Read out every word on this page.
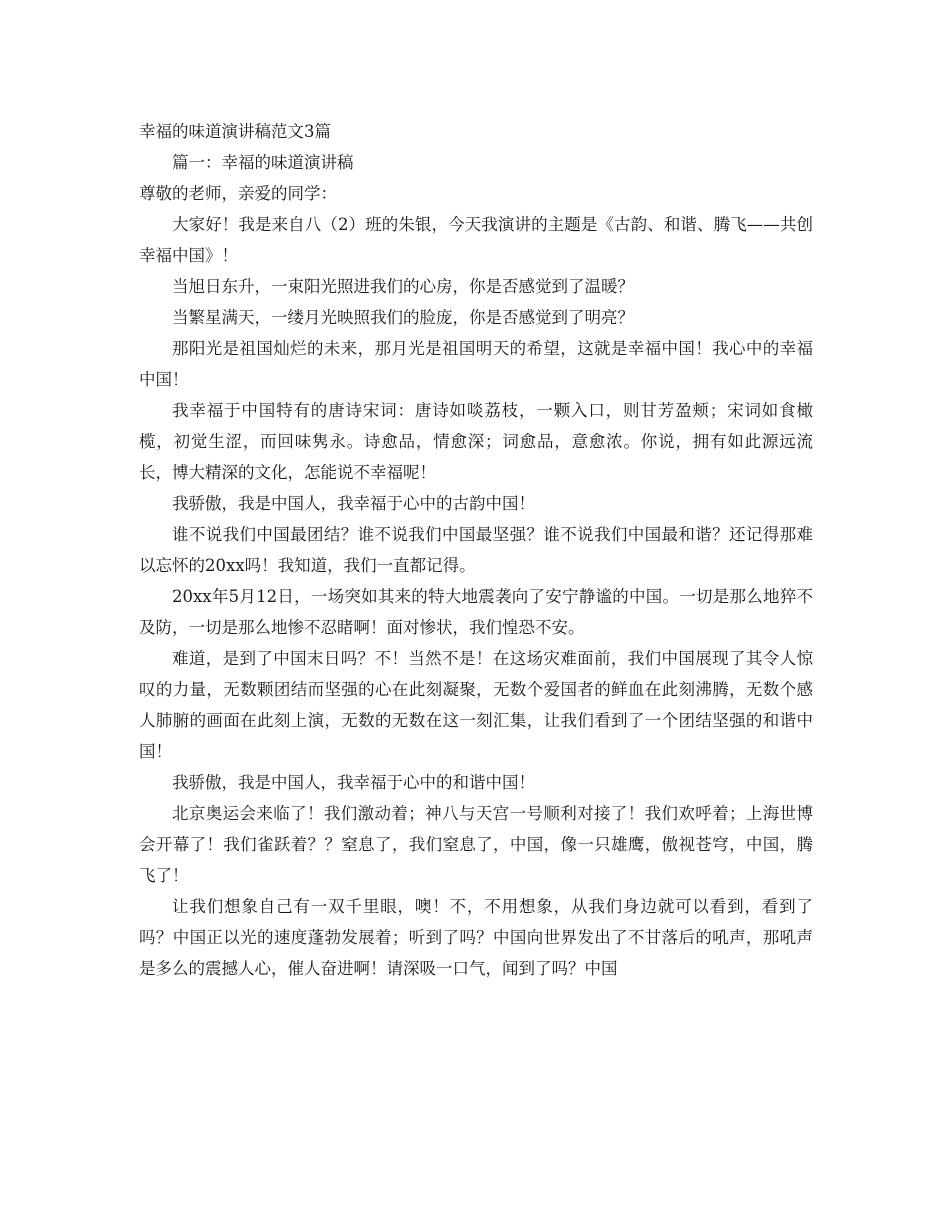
幸福的味道演讲稿范文3篇

篇一：幸福的味道演讲稿

尊敬的老师，亲爱的同学：

大家好！我是来自八（2）班的朱银，今天我演讲的主题是《古韵、和谐、腾飞——共创幸福中国》！

当旭日东升，一束阳光照进我们的心房，你是否感觉到了温暖？

当繁星满天，一缕月光映照我们的脸庞，你是否感觉到了明亮？

那阳光是祖国灿烂的未来，那月光是祖国明天的希望，这就是幸福中国！我心中的幸福中国！

我幸福于中国特有的唐诗宋词：唐诗如啖荔枝，一颗入口，则甘芳盈颊；宋词如食橄榄，初觉生涩，而回味隽永。诗愈品，情愈深；词愈品，意愈浓。你说，拥有如此源远流长，博大精深的文化，怎能说不幸福呢！

我骄傲，我是中国人，我幸福于心中的古韵中国！

谁不说我们中国最团结？谁不说我们中国最坚强？谁不说我们中国最和谐？还记得那难以忘怀的20xx吗！我知道，我们一直都记得。

20xx年5月12日，一场突如其来的特大地震袭向了安宁静谧的中国。一切是那么地猝不及防，一切是那么地惨不忍睹啊！面对惨状，我们惶恐不安。

难道，是到了中国末日吗？不！当然不是！在这场灾难面前，我们中国展现了其令人惊叹的力量，无数颗团结而坚强的心在此刻凝聚，无数个爱国者的鲜血在此刻沸腾，无数个感人肺腑的画面在此刻上演，无数的无数在这一刻汇集，让我们看到了一个团结坚强的和谐中国！

我骄傲，我是中国人，我幸福于心中的和谐中国！

北京奥运会来临了！我们激动着；神八与天宫一号顺利对接了！我们欢呼着；上海世博会开幕了！我们雀跃着？？窒息了，我们窒息了，中国，像一只雄鹰，傲视苍穹，中国，腾飞了！

让我们想象自己有一双千里眼，噢！不，不用想象，从我们身边就可以看到，看到了吗？中国正以光的速度蓬勃发展着；听到了吗？中国向世界发出了不甘落后的吼声，那吼声是多么的震撼人心，催人奋进啊！请深吸一口气，闻到了吗？中国
